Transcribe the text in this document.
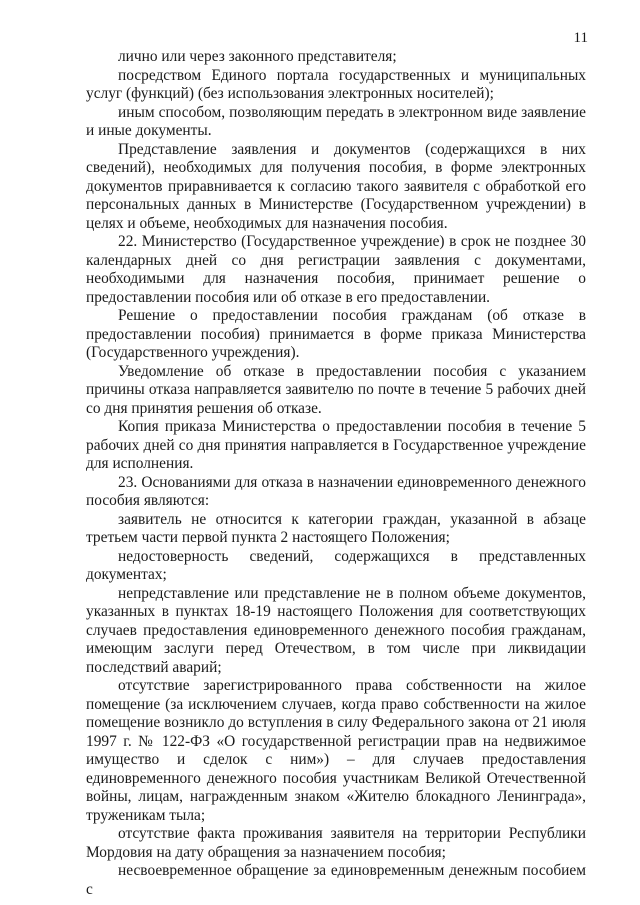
11

лично или через законного представителя;

посредством Единого портала государственных и муниципальных услуг (функций) (без использования электронных носителей);

иным способом, позволяющим передать в электронном виде заявление и иные документы.

Представление заявления и документов (содержащихся в них сведений), необходимых для получения пособия, в форме электронных документов приравнивается к согласию такого заявителя с обработкой его персональных данных в Министерстве (Государственном учреждении) в целях и объеме, необходимых для назначения пособия.

22. Министерство (Государственное учреждение) в срок не позднее 30 календарных дней со дня регистрации заявления с документами, необходимыми для назначения пособия, принимает решение о предоставлении пособия или об отказе в его предоставлении.

Решение о предоставлении пособия гражданам (об отказе в предоставлении пособия) принимается в форме приказа Министерства (Государственного учреждения).

Уведомление об отказе в предоставлении пособия с указанием причины отказа направляется заявителю по почте в течение 5 рабочих дней со дня принятия решения об отказе.

Копия приказа Министерства о предоставлении пособия в течение 5 рабочих дней со дня принятия направляется в Государственное учреждение для исполнения.

23. Основаниями для отказа в назначении единовременного денежного пособия являются:

заявитель не относится к категории граждан, указанной в абзаце третьем части первой пункта 2 настоящего Положения;

недостоверность сведений, содержащихся в представленных документах;

непредставление или представление не в полном объеме документов, указанных в пунктах 18-19 настоящего Положения для соответствующих случаев предоставления единовременного денежного пособия гражданам, имеющим заслуги перед Отечеством, в том числе при ликвидации последствий аварий;

отсутствие зарегистрированного права собственности на жилое помещение (за исключением случаев, когда право собственности на жилое помещение возникло до вступления в силу Федерального закона от 21 июля 1997 г. № 122-ФЗ «О государственной регистрации прав на недвижимое имущество и сделок с ним») – для случаев предоставления единовременного денежного пособия участникам Великой Отечественной войны, лицам, награжденным знаком «Жителю блокадного Ленинграда», труженикам тыла;

отсутствие факта проживания заявителя на территории Республики Мордовия на дату обращения за назначением пособия;

несвоевременное обращение за единовременным денежным пособием с
